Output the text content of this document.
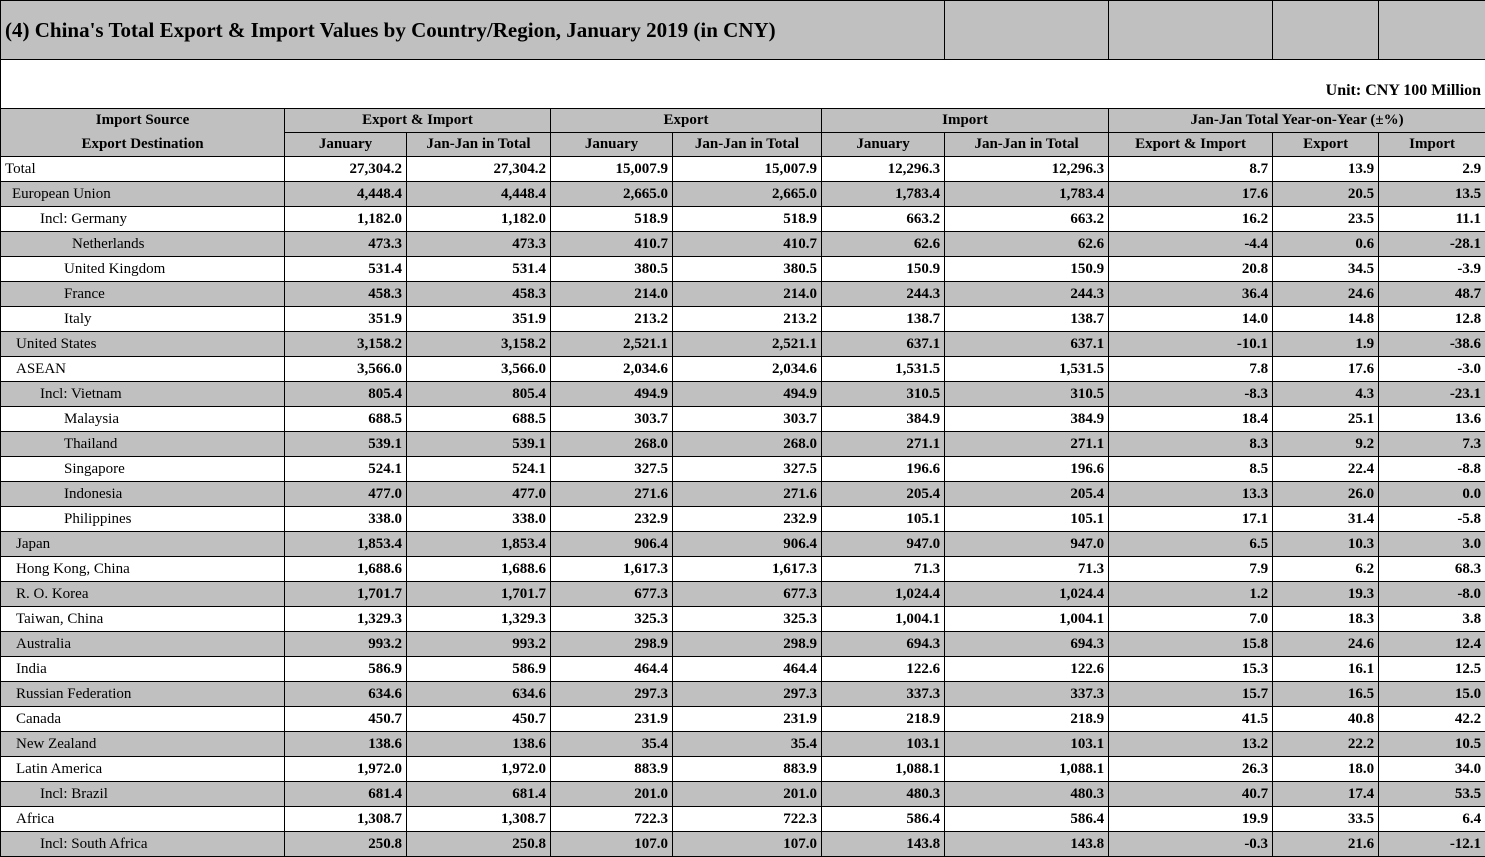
(4) China's Total Export & Import Values by Country/Region, January 2019 (in CNY)									
Unit: CNY 100 Million									
Import Source	Export & Import		Export		Import		Jan-Jan Total Year-on-Year (±%)		
Export Destination	January	Jan-Jan in Total	January	Jan-Jan in Total	January	Jan-Jan in Total	Export & Import	Export	Import
Total	27,304.2	27,304.2	15,007.9	15,007.9	12,296.3	12,296.3	8.7	13.9	2.9
European Union	4,448.4	4,448.4	2,665.0	2,665.0	1,783.4	1,783.4	17.6	20.5	13.5
Incl: Germany	1,182.0	1,182.0	518.9	518.9	663.2	663.2	16.2	23.5	11.1
Netherlands	473.3	473.3	410.7	410.7	62.6	62.6	-4.4	0.6	-28.1
United Kingdom	531.4	531.4	380.5	380.5	150.9	150.9	20.8	34.5	-3.9
France	458.3	458.3	214.0	214.0	244.3	244.3	36.4	24.6	48.7
Italy	351.9	351.9	213.2	213.2	138.7	138.7	14.0	14.8	12.8
United States	3,158.2	3,158.2	2,521.1	2,521.1	637.1	637.1	-10.1	1.9	-38.6
ASEAN	3,566.0	3,566.0	2,034.6	2,034.6	1,531.5	1,531.5	7.8	17.6	-3.0
Incl: Vietnam	805.4	805.4	494.9	494.9	310.5	310.5	-8.3	4.3	-23.1
Malaysia	688.5	688.5	303.7	303.7	384.9	384.9	18.4	25.1	13.6
Thailand	539.1	539.1	268.0	268.0	271.1	271.1	8.3	9.2	7.3
Singapore	524.1	524.1	327.5	327.5	196.6	196.6	8.5	22.4	-8.8
Indonesia	477.0	477.0	271.6	271.6	205.4	205.4	13.3	26.0	0.0
Philippines	338.0	338.0	232.9	232.9	105.1	105.1	17.1	31.4	-5.8
Japan	1,853.4	1,853.4	906.4	906.4	947.0	947.0	6.5	10.3	3.0
Hong Kong, China	1,688.6	1,688.6	1,617.3	1,617.3	71.3	71.3	7.9	6.2	68.3
R. O. Korea	1,701.7	1,701.7	677.3	677.3	1,024.4	1,024.4	1.2	19.3	-8.0
Taiwan, China	1,329.3	1,329.3	325.3	325.3	1,004.1	1,004.1	7.0	18.3	3.8
Australia	993.2	993.2	298.9	298.9	694.3	694.3	15.8	24.6	12.4
India	586.9	586.9	464.4	464.4	122.6	122.6	15.3	16.1	12.5
Russian Federation	634.6	634.6	297.3	297.3	337.3	337.3	15.7	16.5	15.0
Canada	450.7	450.7	231.9	231.9	218.9	218.9	41.5	40.8	42.2
New Zealand	138.6	138.6	35.4	35.4	103.1	103.1	13.2	22.2	10.5
Latin America	1,972.0	1,972.0	883.9	883.9	1,088.1	1,088.1	26.3	18.0	34.0
Incl: Brazil	681.4	681.4	201.0	201.0	480.3	480.3	40.7	17.4	53.5
Africa	1,308.7	1,308.7	722.3	722.3	586.4	586.4	19.9	33.5	6.4
Incl: South Africa	250.8	250.8	107.0	107.0	143.8	143.8	-0.3	21.6	-12.1
